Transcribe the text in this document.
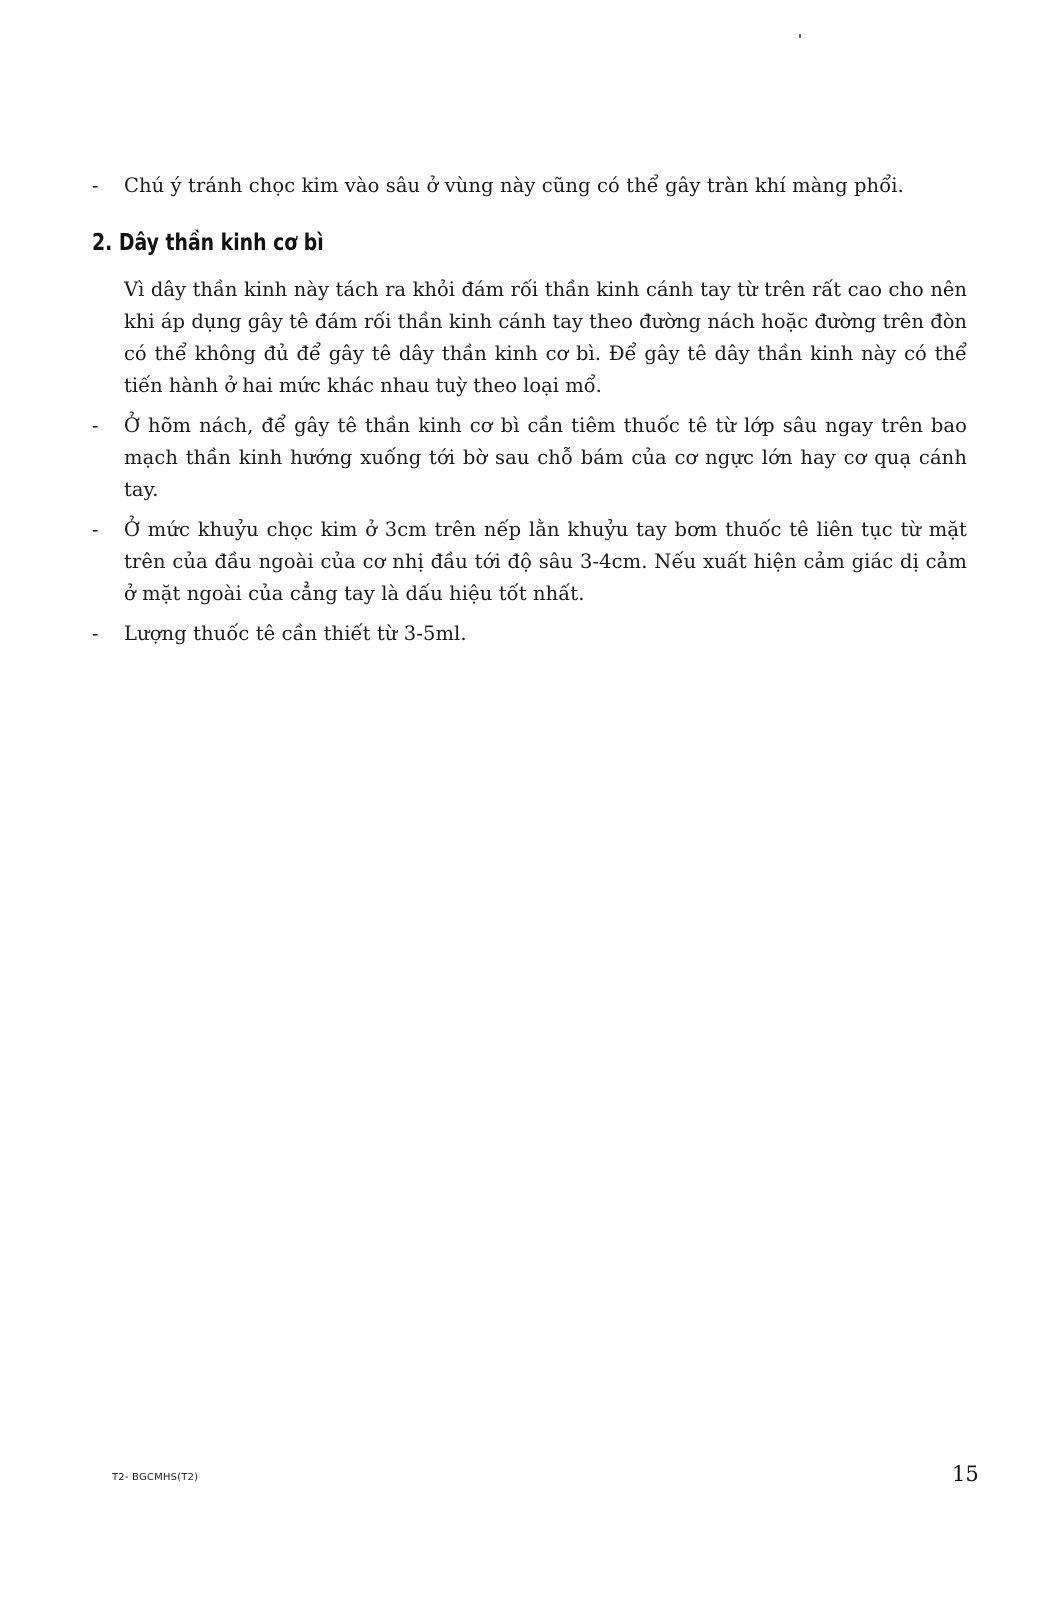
- Chú ý tránh chọc kim vào sâu ở vùng này cũng có thể gây tràn khí màng phổi.
2. Dây thần kinh cơ bì
Vì dây thần kinh này tách ra khỏi đám rối thần kinh cánh tay từ trên rất cao cho nên khi áp dụng gây tê đám rối thần kinh cánh tay theo đường nách hoặc đường trên đòn có thể không đủ để gây tê dây thần kinh cơ bì. Để gây tê dây thần kinh này có thể tiến hành ở hai mức khác nhau tuỳ theo loại mổ.
- Ở hõm nách, để gây tê thần kinh cơ bì cần tiêm thuốc tê từ lớp sâu ngay trên bao mạch thần kinh hướng xuống tới bờ sau chỗ bám của cơ ngực lớn hay cơ quạ cánh tay.
- Ở mức khuỷu chọc kim ở 3cm trên nếp lằn khuỷu tay bơm thuốc tê liên tục từ mặt trên của đầu ngoài của cơ nhị đầu tới độ sâu 3-4cm. Nếu xuất hiện cảm giác dị cảm ở mặt ngoài của cẳng tay là dấu hiệu tốt nhất.
- Lượng thuốc tê cần thiết từ 3-5ml.
T2- BGCMHS(T2)	15
